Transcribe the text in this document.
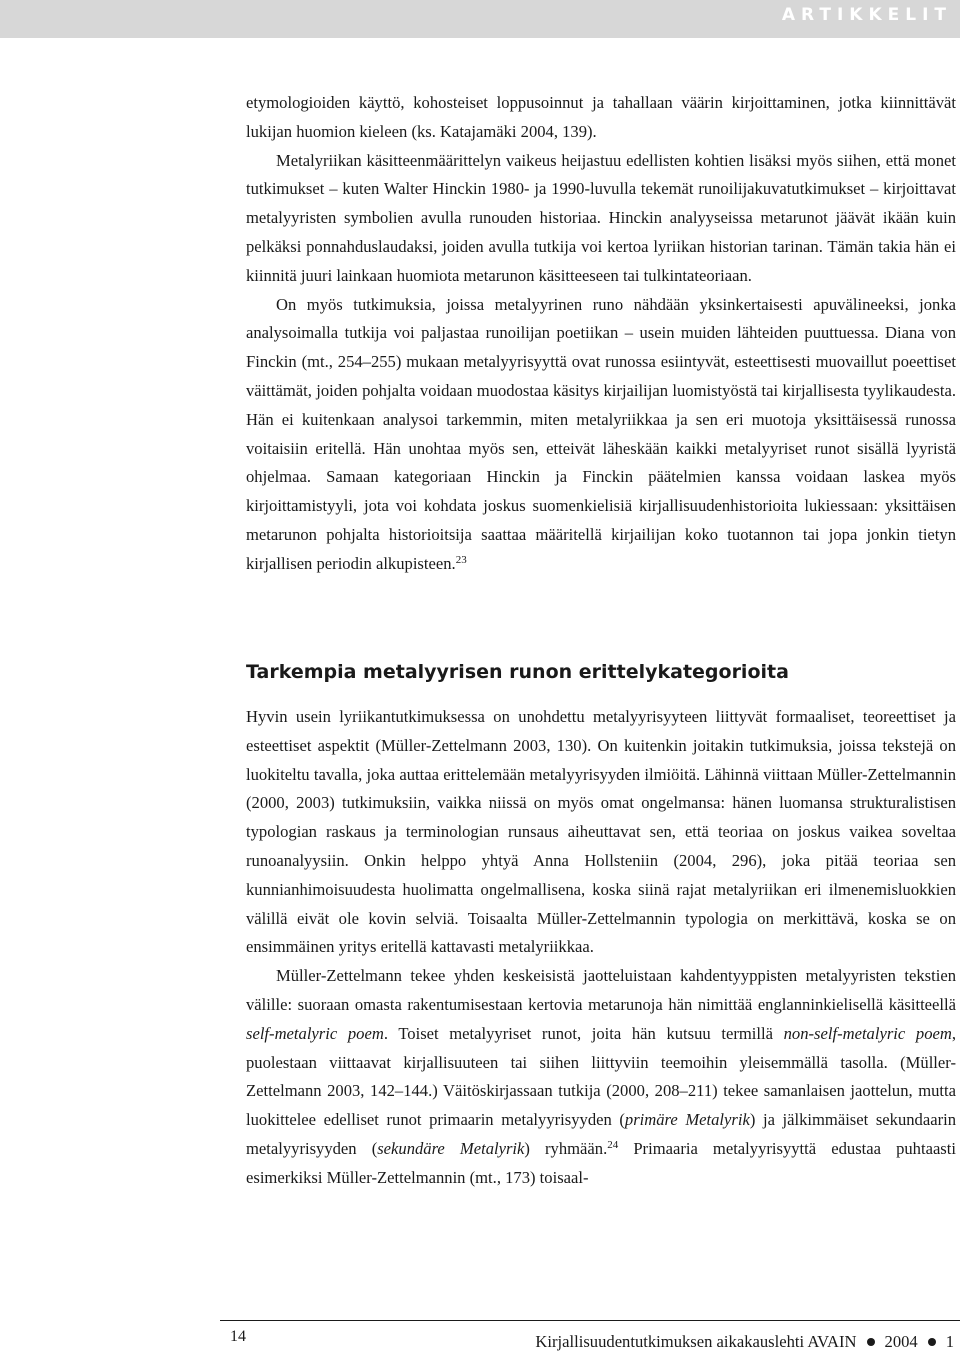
ARTIKKELIT

etymologioiden käyttö, kohosteiset loppusoinnut ja tahallaan väärin kirjoittaminen, jotka kiinnittävät lukijan huomion kieleen (ks. Katajamäki 2004, 139).

Metalyriikan käsitteenmäärittelyn vaikeus heijastuu edellisten kohtien lisäksi myös siihen, että monet tutkimukset – kuten Walter Hinckin 1980- ja 1990-luvulla tekemät runoilijakuvatutkimukset – kirjoittavat metalyyristen symbolien avulla runouden historiaa. Hinckin analyyseissa metarunot jäävät ikään kuin pelkäksi ponnahduslaudaksi, joiden avulla tutkija voi kertoa lyriikan historian tarinan. Tämän takia hän ei kiinnitä juuri lainkaan huomiota metarunon käsitteeseen tai tulkintateoriaan.

On myös tutkimuksia, joissa metalyyrinen runo nähdään yksinkertaisesti apuvälineeksi, jonka analysoimalla tutkija voi paljastaa runoilijan poetiikan – usein muiden lähteiden puuttuessa. Diana von Finckin (mt., 254–255) mukaan metalyyrisyyttä ovat runossa esiintyvät, esteettisesti muovaillut poeettiset väittämät, joiden pohjalta voidaan muodostaa käsitys kirjailijan luomistyöstä tai kirjallisesta tyylikaudesta. Hän ei kuitenkaan analysoi tarkemmin, miten metalyriikkaa ja sen eri muotoja yksittäisessä runossa voitaisiin eritellä. Hän unohtaa myös sen, etteivät läheskään kaikki metalyyriset runot sisällä lyyristä ohjelmaa. Samaan kategoriaan Hinckin ja Finckin päätelmien kanssa voidaan laskea myös kirjoittamistyyli, jota voi kohdata joskus suomenkielisiä kirjallisuudenhistorioita lukiessaan: yksittäisen metarunon pohjalta historioitsija saattaa määritellä kirjailijan koko tuotannon tai jopa jonkin tietyn kirjallisen periodin alkupisteen.$^{23}$

Tarkempia metalyyrisen runon erittelykategorioita

Hyvin usein lyriikantutkimuksessa on unohdettu metalyyrisyyteen liittyvät formaaliset, teoreettiset ja esteettiset aspektit (Müller-Zettelmann 2003, 130). On kuitenkin joitakin tutkimuksia, joissa tekstejä on luokiteltu tavalla, joka auttaa erittelemään metalyyrisyyden ilmiöitä. Lähinnä viittaan Müller-Zettelmannin (2000, 2003) tutkimuksiin, vaikka niissä on myös omat ongelmansa: hänen luomansa strukturalistisen typologian raskaus ja terminologian runsaus aiheuttavat sen, että teoriaa on joskus vaikea soveltaa runoanalyysiin. Onkin helppo yhtyä Anna Hollsteniin (2004, 296), joka pitää teoriaa sen kunnianhimoisuudesta huolimatta ongelmallisena, koska siinä rajat metalyriikan eri ilmenemisluokkien välillä eivät ole kovin selviä. Toisaalta Müller-Zettelmannin typologia on merkittävä, koska se on ensimmäinen yritys eritellä kattavasti metalyriikkaa.

Müller-Zettelmann tekee yhden keskeisistä jaotteluistaan kahdentyyppisten metalyyristen tekstien välille: suoraan omasta rakentumisestaan kertovia metarunoja hän nimittää englanninkielisellä käsitteellä self-metalyric poem. Toiset metalyyriset runot, joita hän kutsuu termillä non-self-metalyric poem, puolestaan viittaavat kirjallisuuteen tai siihen liittyviin teemoihin yleisemmällä tasolla. (Müller-Zettelmann 2003, 142–144.) Väitöskirjassaan tutkija (2000, 208–211) tekee samanlaisen jaottelun, mutta luokittelee edelliset runot primaarin metalyyrisyyden (primäre Metalyrik) ja jälkimmäiset sekundaarin metalyyrisyyden (sekundäre Metalyrik) ryhmään.$^{24}$ Primaaria metalyyrisyyttä edustaa puhtaasti esimerkiksi Müller-Zettelmannin (mt., 173) toisaal-

14	Kirjallisuudentutkimuksen aikakauslehti AVAIN 2004 1
